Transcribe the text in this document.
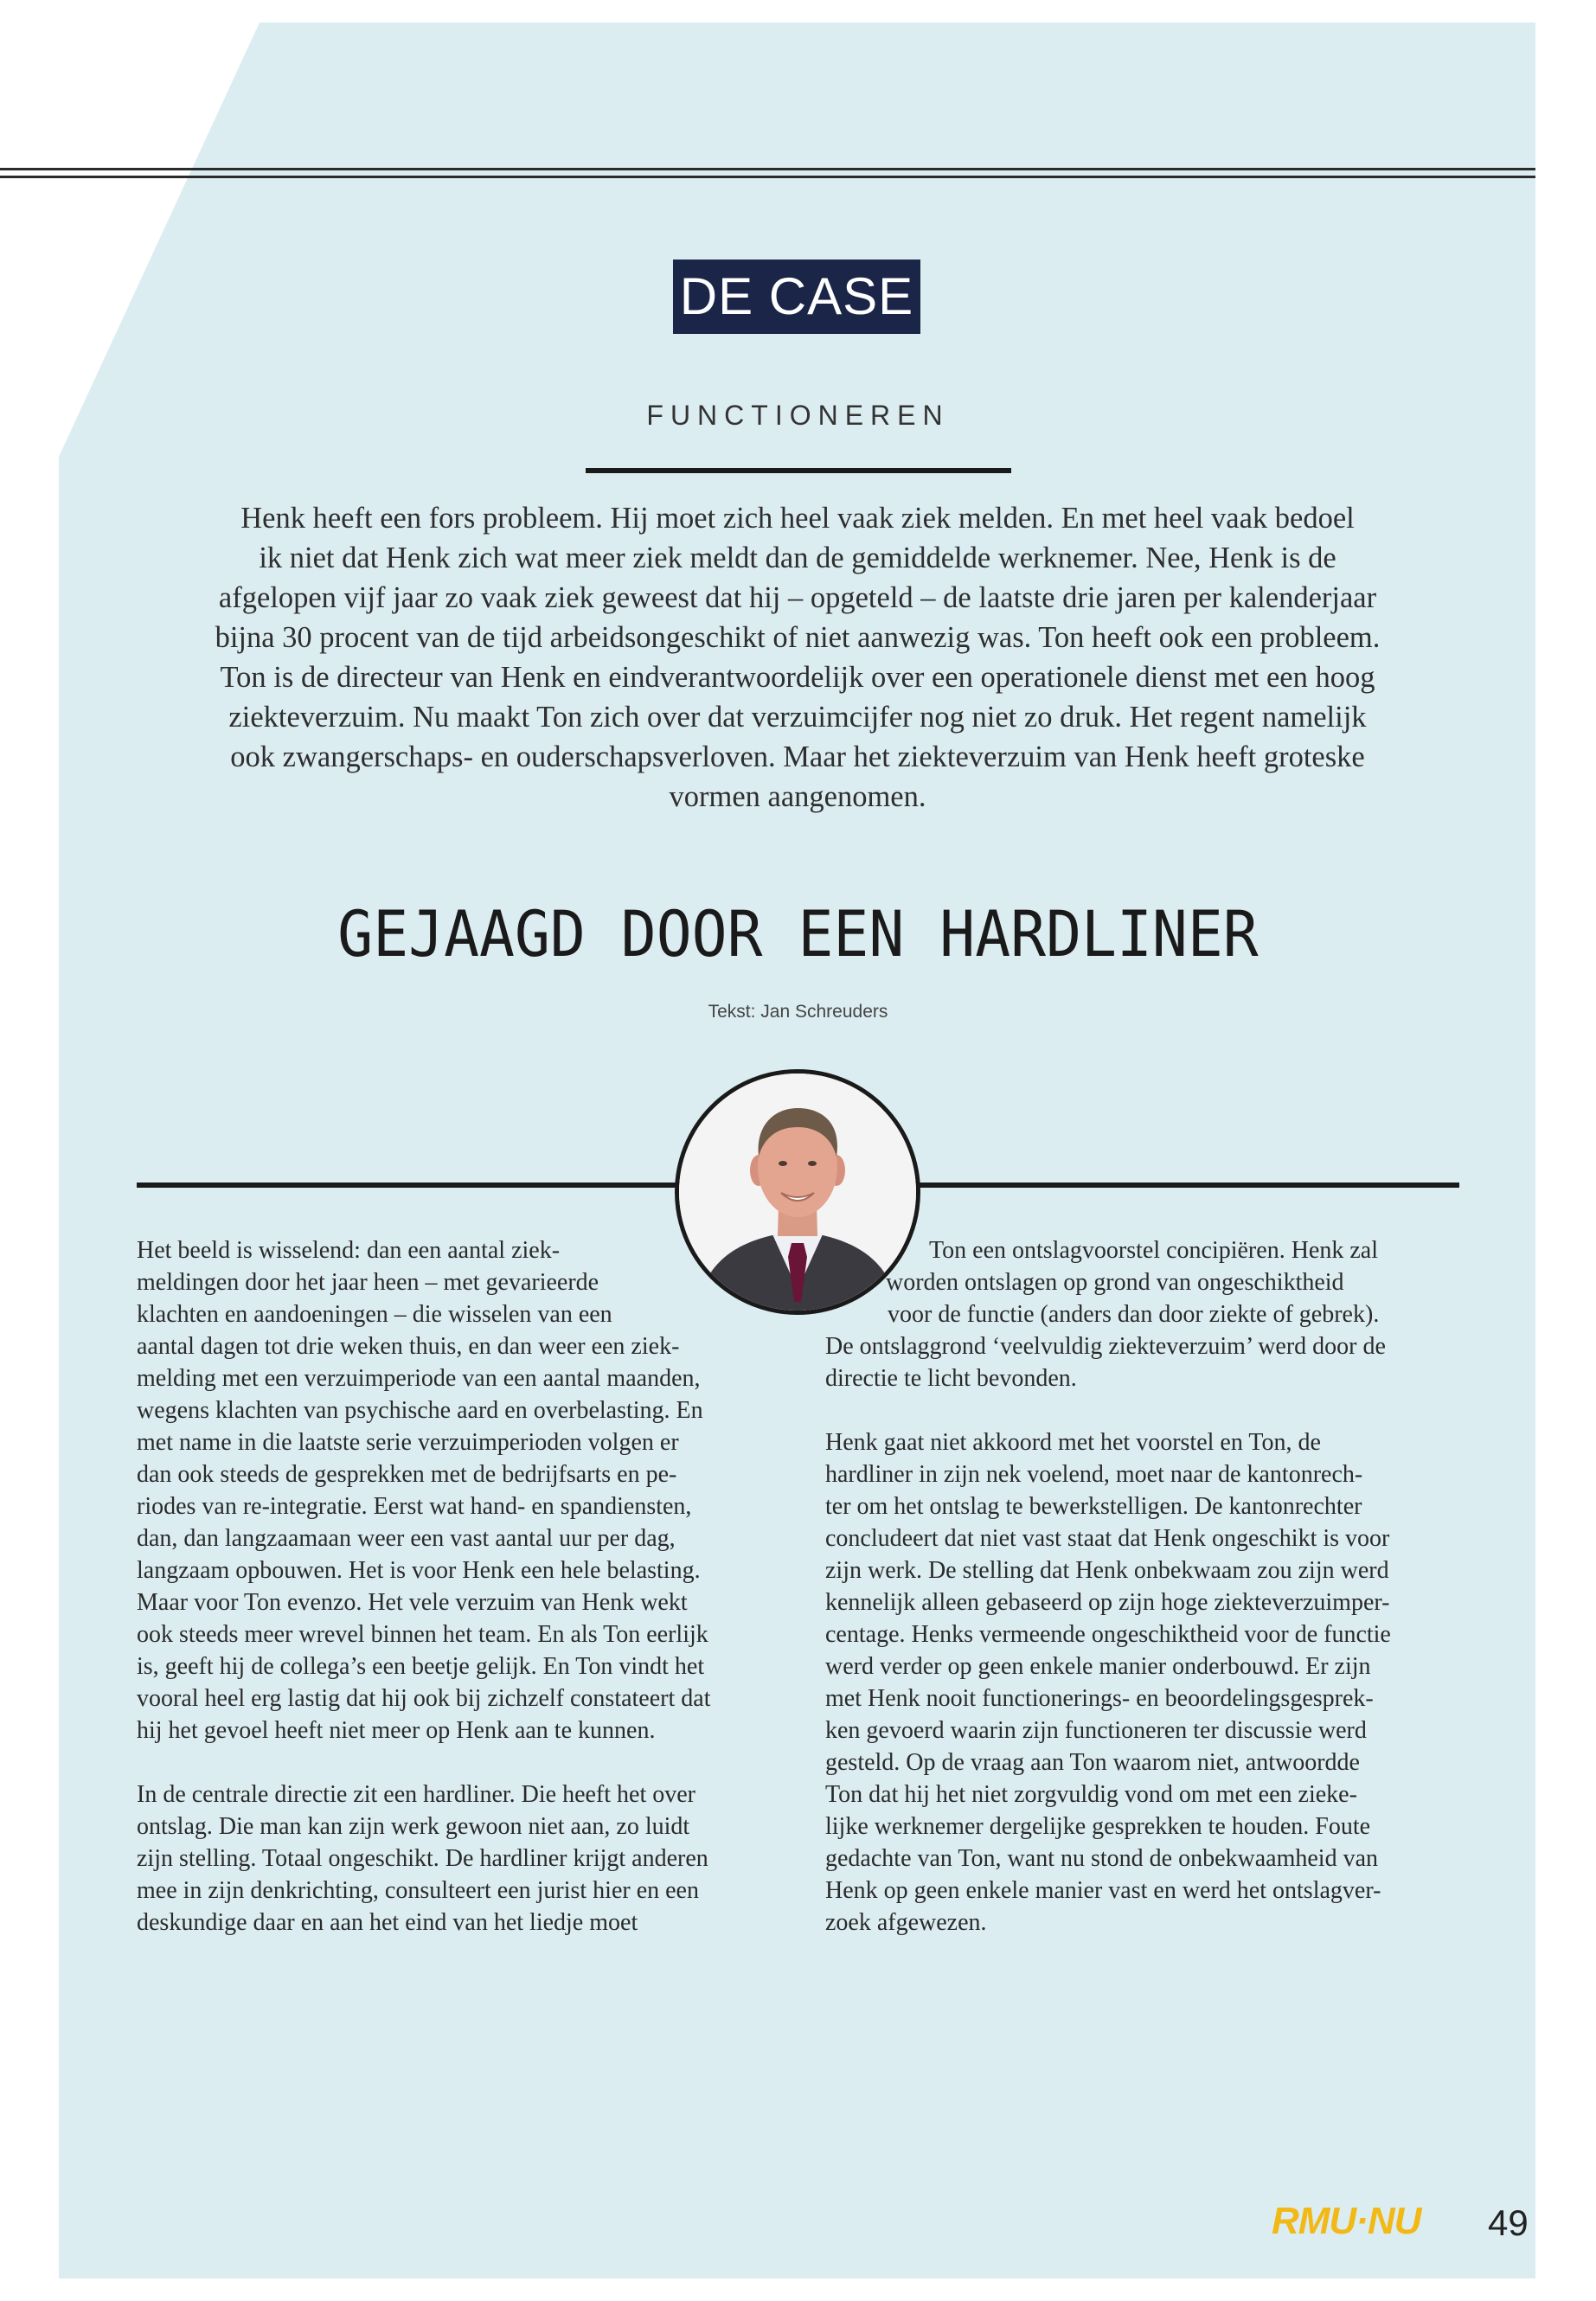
DE CASE
FUNCTIONEREN
Henk heeft een fors probleem. Hij moet zich heel vaak ziek melden. En met heel vaak bedoel
ik niet dat Henk zich wat meer ziek meldt dan de gemiddelde werknemer. Nee, Henk is de
afgelopen vijf jaar zo vaak ziek geweest dat hij – opgeteld – de laatste drie jaren per kalenderjaar
bijna 30 procent van de tijd arbeidsongeschikt of niet aanwezig was. Ton heeft ook een probleem.
Ton is de directeur van Henk en eindverantwoordelijk over een operationele dienst met een hoog
ziekteverzuim. Nu maakt Ton zich over dat verzuimcijfer nog niet zo druk. Het regent namelijk
ook zwangerschaps- en ouderschapsverloven. Maar het ziekteverzuim van Henk heeft groteske
vormen aangenomen.
GEJAAGD DOOR EEN HARDLINER
Tekst: Jan Schreuders

Het beeld is wisselend: dan een aantal ziek-
meldingen door het jaar heen – met gevarieerde
klachten en aandoeningen – die wisselen van een
aantal dagen tot drie weken thuis, en dan weer een ziek-
melding met een verzuimperiode van een aantal maanden,
wegens klachten van psychische aard en overbelasting. En
met name in die laatste serie verzuimperioden volgen er
dan ook steeds de gesprekken met de bedrijfsarts en pe-
riodes van re-integratie. Eerst wat hand- en spandiensten,
dan, dan langzaamaan weer een vast aantal uur per dag,
langzaam opbouwen. Het is voor Henk een hele belasting.
Maar voor Ton evenzo. Het vele verzuim van Henk wekt
ook steeds meer wrevel binnen het team. En als Ton eerlijk
is, geeft hij de collega’s een beetje gelijk. En Ton vindt het
vooral heel erg lastig dat hij ook bij zichzelf constateert dat
hij het gevoel heeft niet meer op Henk aan te kunnen.

In de centrale directie zit een hardliner. Die heeft het over
ontslag. Die man kan zijn werk gewoon niet aan, zo luidt
zijn stelling. Totaal ongeschikt. De hardliner krijgt anderen
mee in zijn denkrichting, consulteert een jurist hier en een
deskundige daar en aan het eind van het liedje moet

Ton een ontslagvoorstel concipiëren. Henk zal
worden ontslagen op grond van ongeschiktheid
voor de functie (anders dan door ziekte of gebrek).
De ontslaggrond ‘veelvuldig ziekteverzuim’ werd door de
directie te licht bevonden.

Henk gaat niet akkoord met het voorstel en Ton, de
hardliner in zijn nek voelend, moet naar de kantonrech-
ter om het ontslag te bewerkstelligen. De kantonrechter
concludeert dat niet vast staat dat Henk ongeschikt is voor
zijn werk. De stelling dat Henk onbekwaam zou zijn werd
kennelijk alleen gebaseerd op zijn hoge ziekteverzuimper-
centage. Henks vermeende ongeschiktheid voor de functie
werd verder op geen enkele manier onderbouwd. Er zijn
met Henk nooit functionerings- en beoordelingsgesprek-
ken gevoerd waarin zijn functioneren ter discussie werd
gesteld. Op de vraag aan Ton waarom niet, antwoordde
Ton dat hij het niet zorgvuldig vond om met een zieke-
lijke werknemer dergelijke gesprekken te houden. Foute
gedachte van Ton, want nu stond de onbekwaamheid van
Henk op geen enkele manier vast en werd het ontslagver-
zoek afgewezen.

RMU·NU 49
